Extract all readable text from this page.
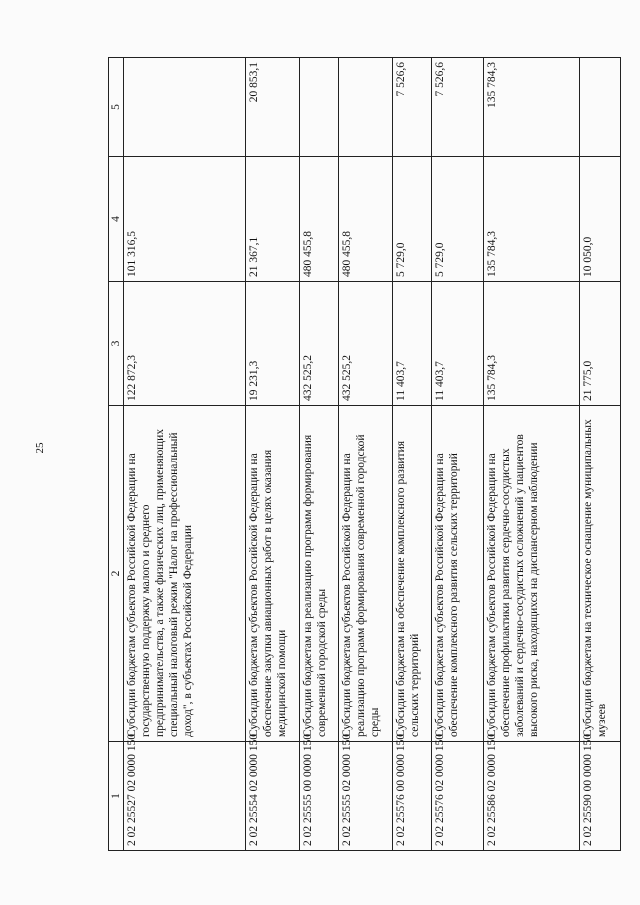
25
1	2	3	4	5
2 02 25527 02 0000 150	Субсидии бюджетам субъектов Российской Федерации на государственную поддержку малого и среднего предпринимательства, а также физических лиц, применяющих специальный налоговый режим "Налог на профессиональный доход", в субъектах Российской Федерации	122 872,3	101 316,5	
2 02 25554 02 0000 150	Субсидии бюджетам субъектов Российской Федерации на обеспечение закупки авиационных работ в целях оказания медицинской помощи	19 231,3	21 367,1	20 853,1
2 02 25555 00 0000 150	Субсидии бюджетам на реализацию программ формирования современной городской среды	432 525,2	480 455,8	
2 02 25555 02 0000 150	Субсидии бюджетам субъектов Российской Федерации на реализацию программ формирования современной городской среды	432 525,2	480 455,8	
2 02 25576 00 0000 150	Субсидии бюджетам на обеспечение комплексного развития сельских территорий	11 403,7	5 729,0	7 526,6
2 02 25576 02 0000 150	Субсидии бюджетам субъектов Российской Федерации на обеспечение комплексного развития сельских территорий	11 403,7	5 729,0	7 526,6
2 02 25586 02 0000 150	Субсидии бюджетам субъектов Российской Федерации на обеспечение профилактики развития сердечно-сосудистых заболеваний и сердечно-сосудистых осложнений у пациентов высокого риска, находящихся на диспансерном наблюдении	135 784,3	135 784,3	135 784,3
2 02 25590 00 0000 150	Субсидии бюджетам на техническое оснащение муниципальных музеев	21 775,0	10 050,0	
